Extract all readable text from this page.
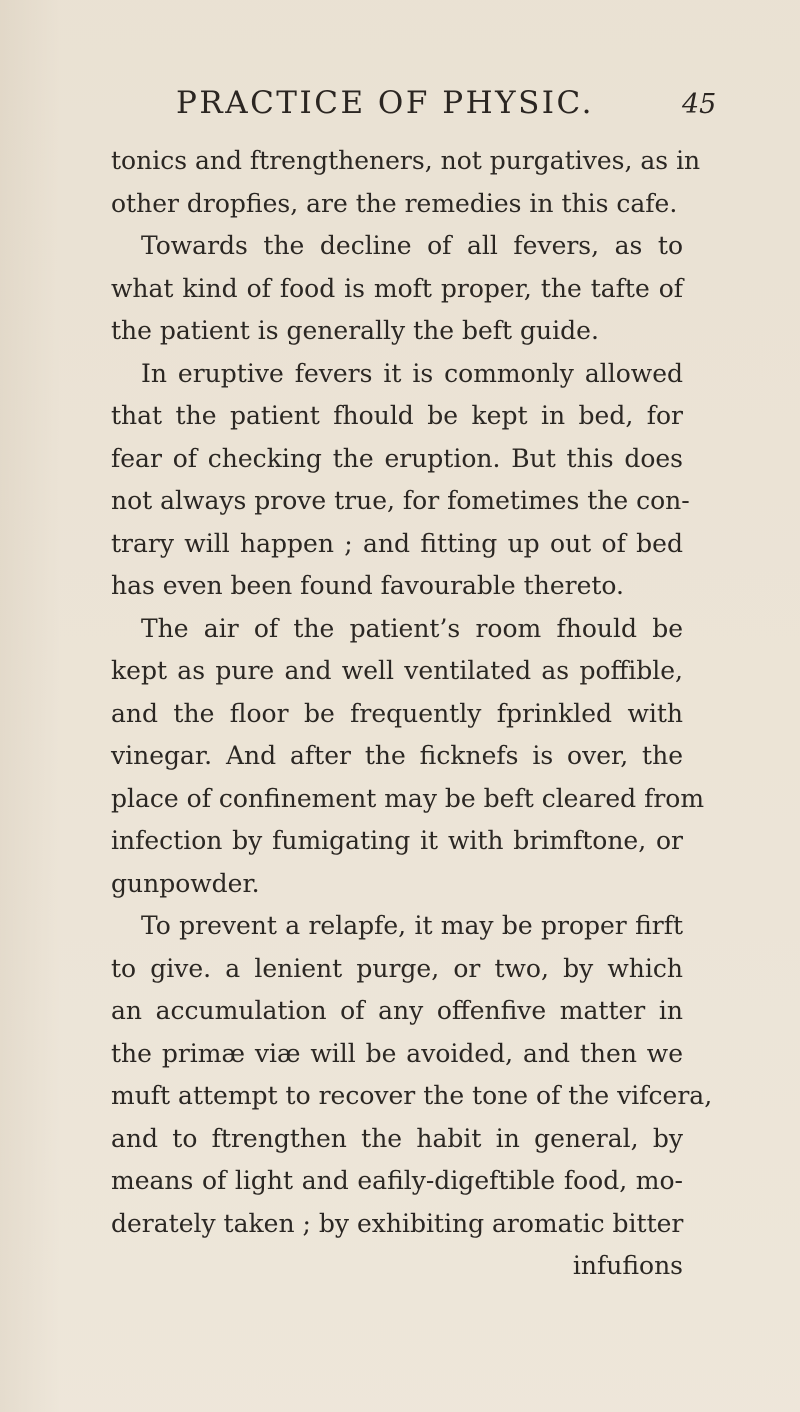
PRACTICE OF PHYSIC.	45
tonics and ftrengtheners, not purgatives, as in
other dropfies, are the remedies in this cafe.
Towards the decline of all fevers, as to
what kind of food is moft proper, the tafte of
the patient is generally the beft guide.
In eruptive fevers it is commonly allowed
that the patient fhould be kept in bed, for
fear of checking the eruption. But this does
not always prove true, for fometimes the con-
trary will happen ; and fitting up out of bed
has even been found favourable thereto.
The air of the patient’s room fhould be
kept as pure and well ventilated as poffible,
and the floor be frequently fprinkled with
vinegar. And after the ficknefs is over, the
place of confinement may be beft cleared from
infection by fumigating it with brimftone, or
gunpowder.
To prevent a relapfe, it may be proper firft
to give. a lenient purge, or two, by which
an accumulation of any offenfive matter in
the primæ viæ will be avoided, and then we
muft attempt to recover the tone of the vifcera,
and to ftrengthen the habit in general, by
means of light and eafily-digeftible food, mo-
derately taken ; by exhibiting aromatic bitter
infufions
